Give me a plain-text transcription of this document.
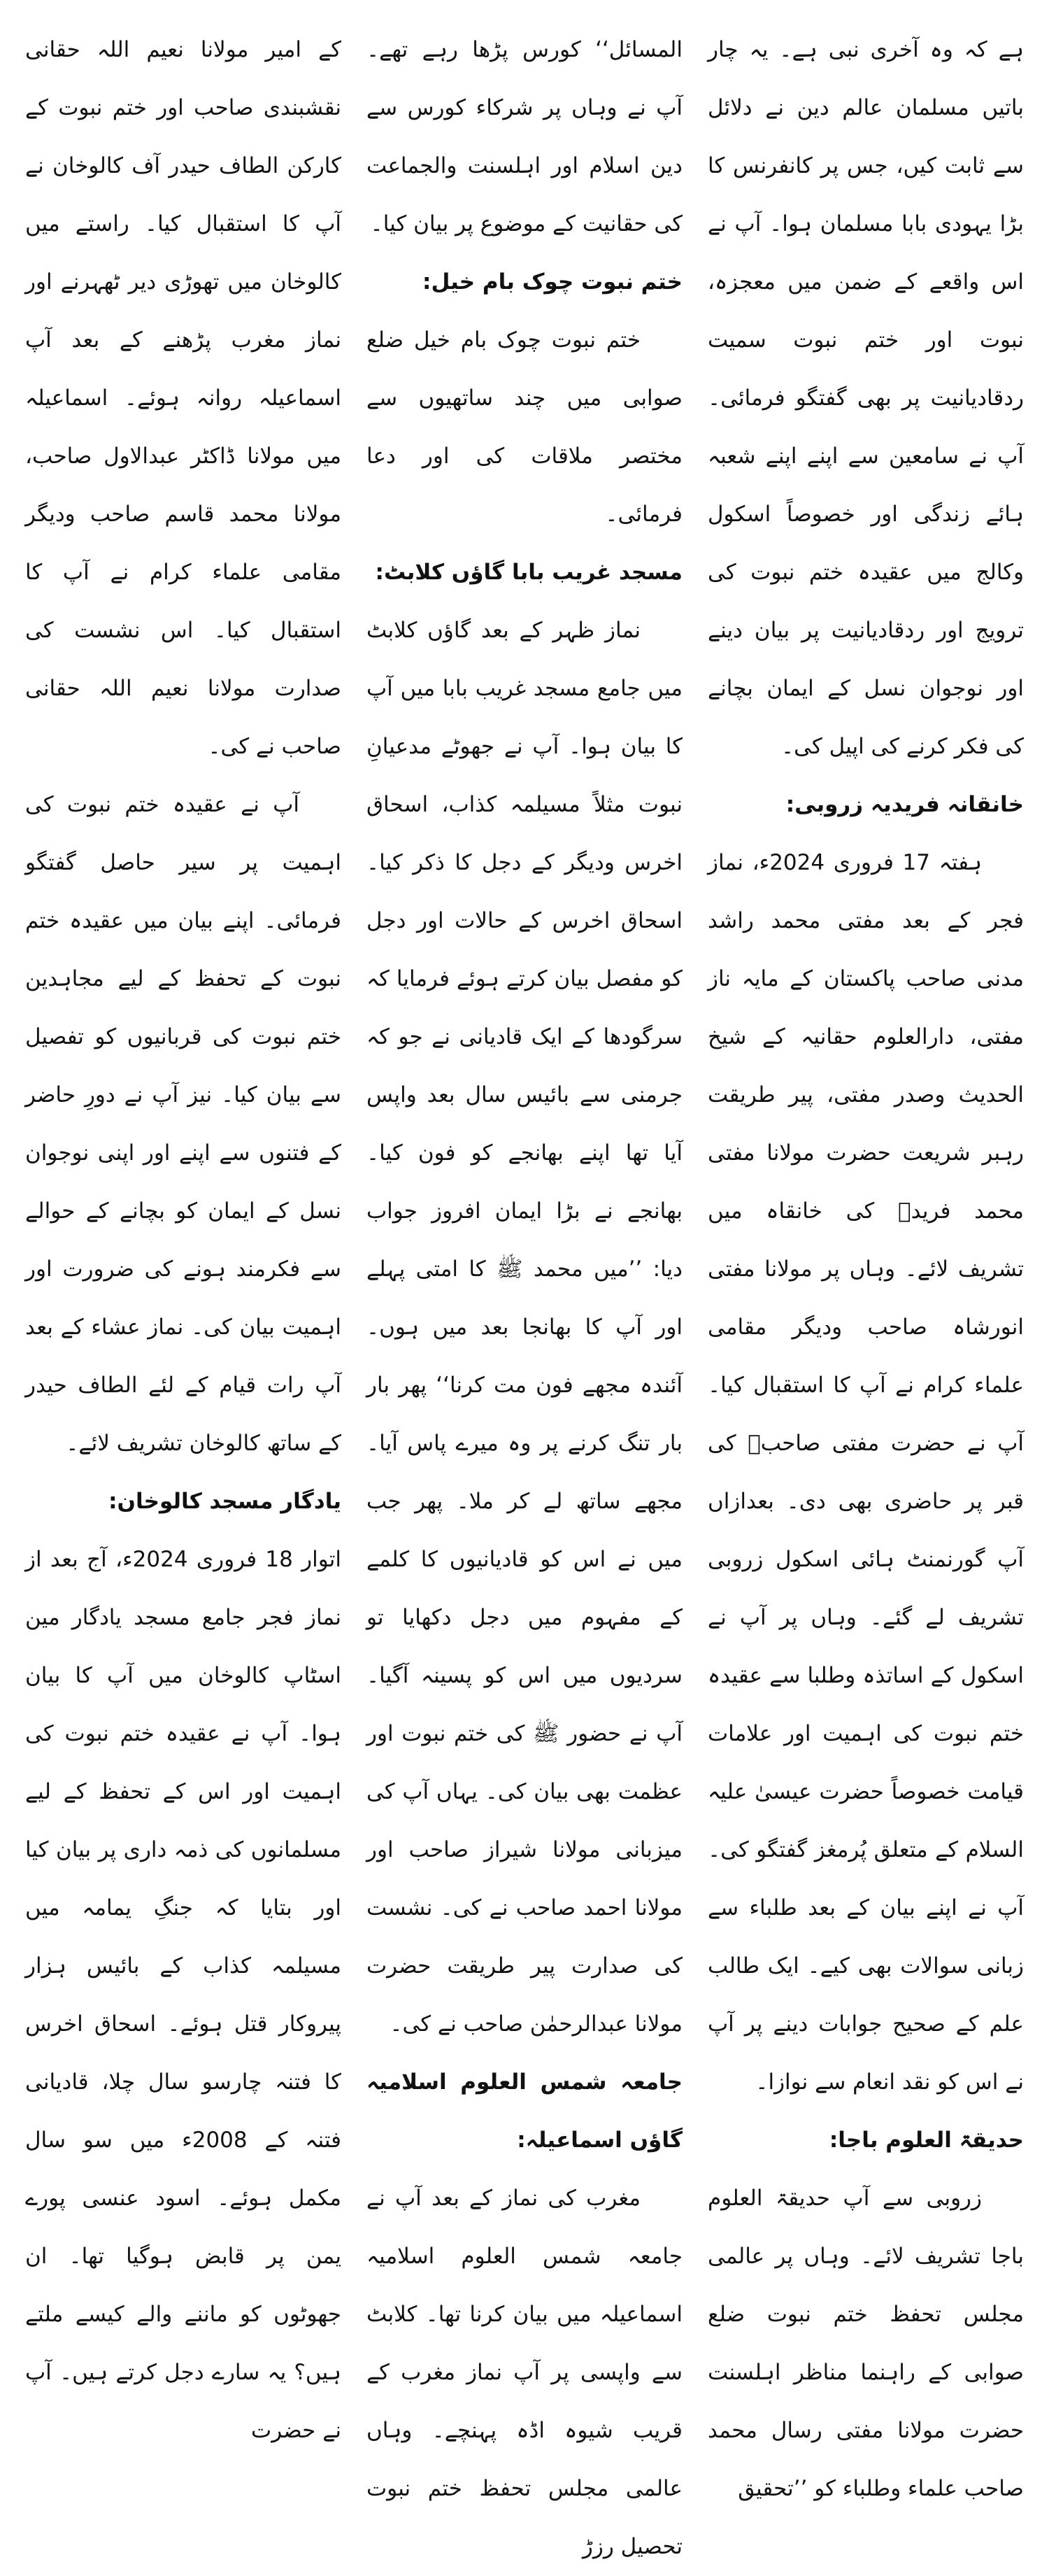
ہے کہ وہ آخری نبی ہے۔ یہ چار باتیں مسلمان عالم دین نے دلائل سے ثابت کیں، جس پر کانفرنس کا بڑا یہودی بابا مسلمان ہوا۔ آپ نے اس واقعے کے ضمن میں معجزہ، نبوت اور ختم نبوت سمیت ردقادیانیت پر بھی گفتگو فرمائی۔ آپ نے سامعین سے اپنے اپنے شعبہ ہائے زندگی اور خصوصاً اسکول وکالج میں عقیدہ ختم نبوت کی ترویج اور ردقادیانیت پر بیان دینے اور نوجوان نسل کے ایمان بچانے کی فکر کرنے کی اپیل کی۔

خانقانہ فریدیہ زروبی:

ہفتہ 17 فروری 2024ء، نماز فجر کے بعد مفتی محمد راشد مدنی صاحب پاکستان کے مایہ ناز مفتی، دارالعلوم حقانیہ کے شیخ الحدیث وصدر مفتی، پیر طریقت رہبر شریعت حضرت مولانا مفتی محمد فریدؒ کی خانقاہ میں تشریف لائے۔ وہاں پر مولانا مفتی انورشاہ صاحب ودیگر مقامی علماء کرام نے آپ کا استقبال کیا۔ آپ نے حضرت مفتی صاحبؒ کی قبر پر حاضری بھی دی۔ بعدازاں آپ گورنمنٹ ہائی اسکول زروبی تشریف لے گئے۔ وہاں پر آپ نے اسکول کے اساتذہ وطلبا سے عقیدہ ختم نبوت کی اہمیت اور علامات قیامت خصوصاً حضرت عیسیٰ علیہ السلام کے متعلق پُرمغز گفتگو کی۔ آپ نے اپنے بیان کے بعد طلباء سے زبانی سوالات بھی کیے۔ ایک طالب علم کے صحیح جوابات دینے پر آپ نے اس کو نقد انعام سے نوازا۔

حدیقۃ العلوم باجا:

زروبی سے آپ حدیقۃ العلوم باجا تشریف لائے۔ وہاں پر عالمی مجلس تحفظ ختم نبوت ضلع صوابی کے راہنما مناظر اہلسنت حضرت مولانا مفتی رسال محمد صاحب علماء وطلباء کو ’’تحقیق

المسائل‘‘ کورس پڑھا رہے تھے۔ آپ نے وہاں پر شرکاء کورس سے دین اسلام اور اہلسنت والجماعت کی حقانیت کے موضوع پر بیان کیا۔

ختم نبوت چوک بام خیل:

ختم نبوت چوک بام خیل ضلع صوابی میں چند ساتھیوں سے مختصر ملاقات کی اور دعا فرمائی۔

مسجد غریب بابا گاؤں کلابٹ:

نماز ظہر کے بعد گاؤں کلابٹ میں جامع مسجد غریب بابا میں آپ کا بیان ہوا۔ آپ نے جھوٹے مدعیانِ نبوت مثلاً مسیلمہ کذاب، اسحاق اخرس ودیگر کے دجل کا ذکر کیا۔ اسحاق اخرس کے حالات اور دجل کو مفصل بیان کرتے ہوئے فرمایا کہ سرگودھا کے ایک قادیانی نے جو کہ جرمنی سے بائیس سال بعد واپس آیا تھا اپنے بھانجے کو فون کیا۔ بھانجے نے بڑا ایمان افروز جواب دیا: ’’میں محمد ﷺ کا امتی پہلے اور آپ کا بھانجا بعد میں ہوں۔ آئندہ مجھے فون مت کرنا‘‘ پھر بار بار تنگ کرنے پر وہ میرے پاس آیا۔ مجھے ساتھ لے کر ملا۔ پھر جب میں نے اس کو قادیانیوں کا کلمے کے مفہوم میں دجل دکھایا تو سردیوں میں اس کو پسینہ آگیا۔ آپ نے حضور ﷺ کی ختم نبوت اور عظمت بھی بیان کی۔ یہاں آپ کی میزبانی مولانا شیراز صاحب اور مولانا احمد صاحب نے کی۔ نشست کی صدارت پیر طریقت حضرت مولانا عبدالرحمٰن صاحب نے کی۔

جامعہ شمس العلوم اسلامیہ گاؤں اسماعیلہ:

مغرب کی نماز کے بعد آپ نے جامعہ شمس العلوم اسلامیہ اسماعیلہ میں بیان کرنا تھا۔ کلابٹ سے واپسی پر آپ نماز مغرب کے قریب شیوہ اڈہ پہنچے۔ وہاں عالمی مجلس تحفظ ختم نبوت تحصیل رزڑ

کے امیر مولانا نعیم اللہ حقانی نقشبندی صاحب اور ختم نبوت کے کارکن الطاف حیدر آف کالوخان نے آپ کا استقبال کیا۔ راستے میں کالوخان میں تھوڑی دیر ٹھہرنے اور نماز مغرب پڑھنے کے بعد آپ اسماعیلہ روانہ ہوئے۔ اسماعیلہ میں مولانا ڈاکٹر عبدالاول صاحب، مولانا محمد قاسم صاحب ودیگر مقامی علماء کرام نے آپ کا استقبال کیا۔ اس نشست کی صدارت مولانا نعیم اللہ حقانی صاحب نے کی۔

آپ نے عقیدہ ختم نبوت کی اہمیت پر سیر حاصل گفتگو فرمائی۔ اپنے بیان میں عقیدہ ختم نبوت کے تحفظ کے لیے مجاہدین ختم نبوت کی قربانیوں کو تفصیل سے بیان کیا۔ نیز آپ نے دورِ حاضر کے فتنوں سے اپنے اور اپنی نوجوان نسل کے ایمان کو بچانے کے حوالے سے فکرمند ہونے کی ضرورت اور اہمیت بیان کی۔ نماز عشاء کے بعد آپ رات قیام کے لئے الطاف حیدر کے ساتھ کالوخان تشریف لائے۔

یادگار مسجد کالوخان:

اتوار 18 فروری 2024ء، آج بعد از نماز فجر جامع مسجد یادگار مین اسٹاپ کالوخان میں آپ کا بیان ہوا۔ آپ نے عقیدہ ختم نبوت کی اہمیت اور اس کے تحفظ کے لیے مسلمانوں کی ذمہ داری پر بیان کیا اور بتایا کہ جنگِ یمامہ میں مسیلمہ کذاب کے بائیس ہزار پیروکار قتل ہوئے۔ اسحاق اخرس کا فتنہ چارسو سال چلا، قادیانی فتنہ کے 2008ء میں سو سال مکمل ہوئے۔ اسود عنسی پورے یمن پر قابض ہوگیا تھا۔ ان جھوٹوں کو ماننے والے کیسے ملتے ہیں؟ یہ سارے دجل کرتے ہیں۔ آپ نے حضرت
